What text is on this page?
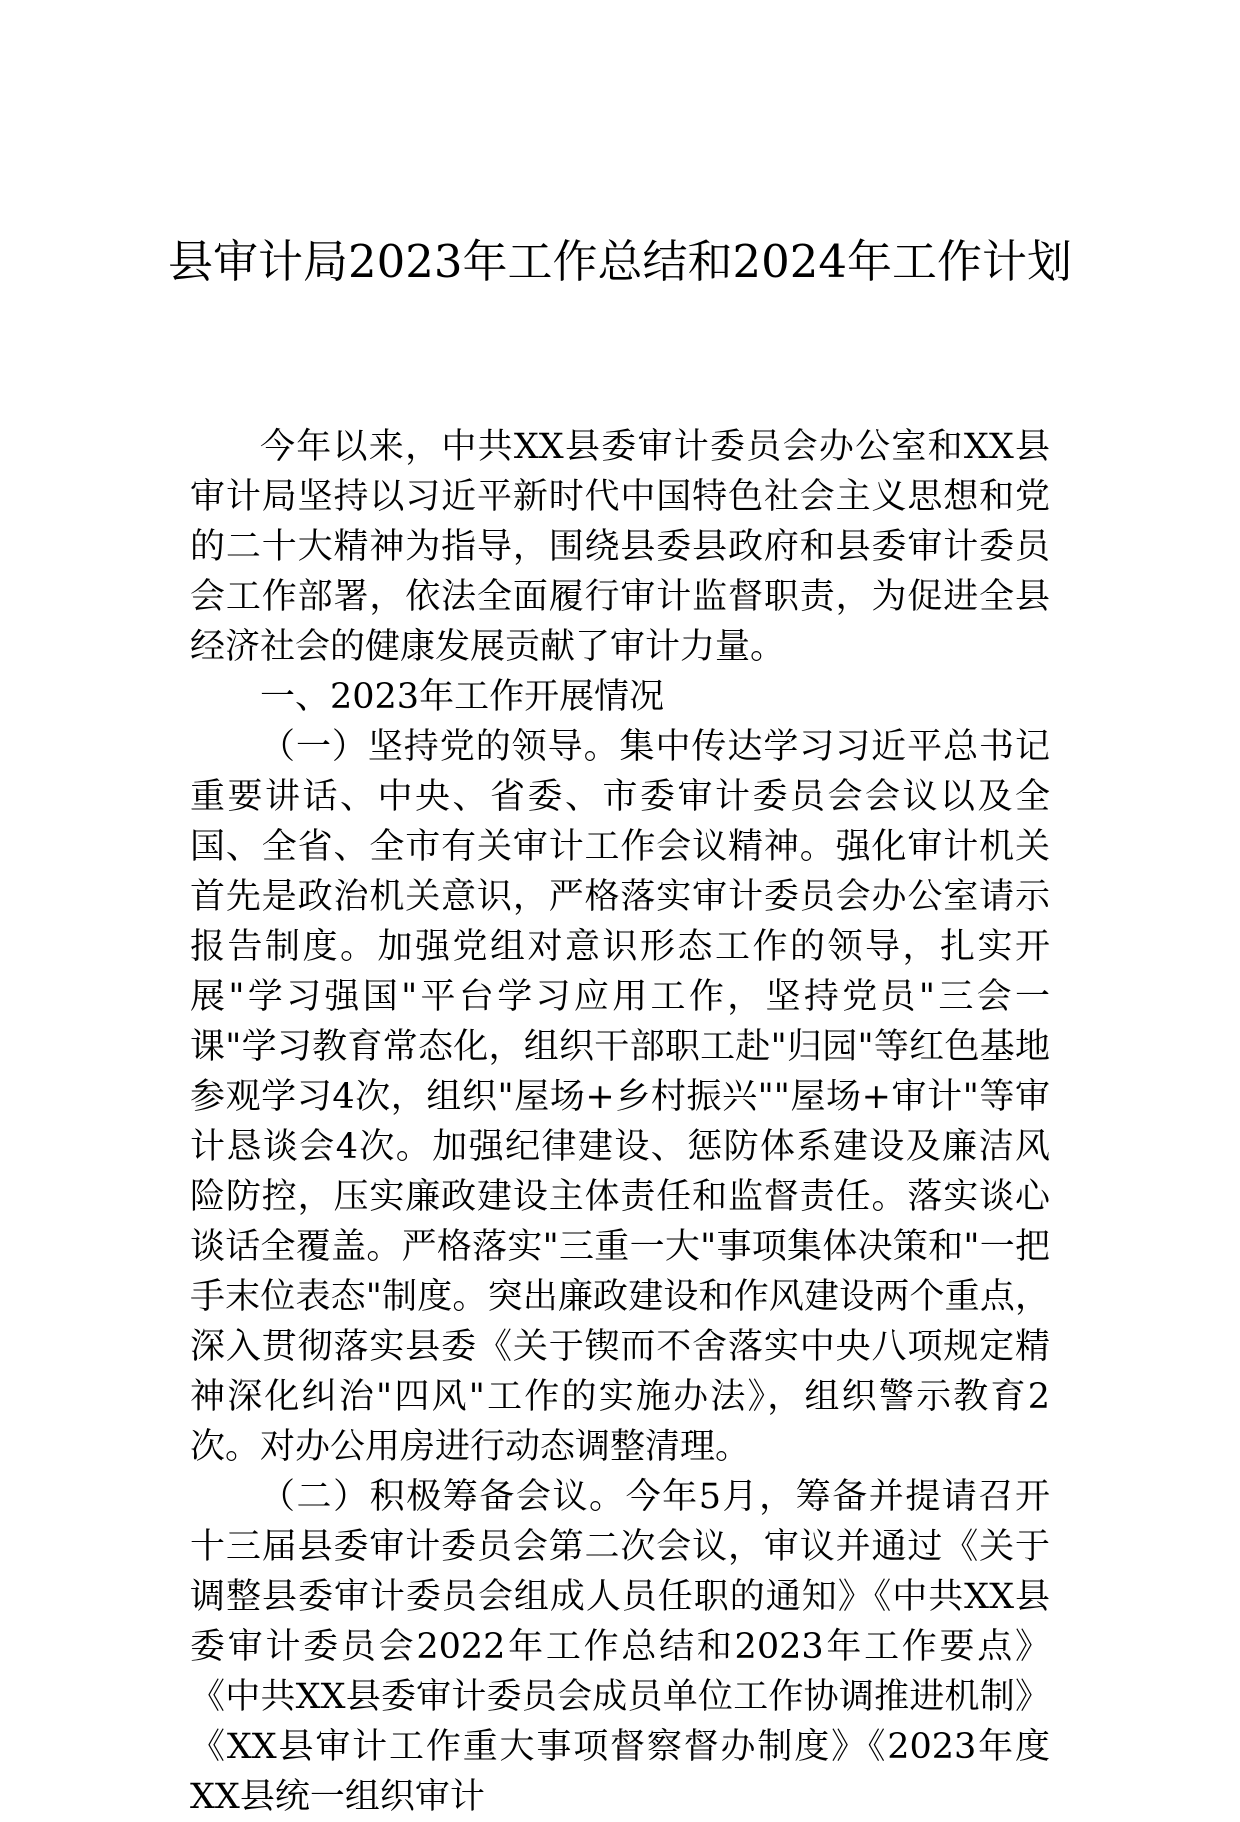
县审计局2023年工作总结和2024年工作计划

今年以来，中共XX县委审计委员会办公室和XX县审计局坚持以习近平新时代中国特色社会主义思想和党的二十大精神为指导，围绕县委县政府和县委审计委员会工作部署，依法全面履行审计监督职责，为促进全县经济社会的健康发展贡献了审计力量。

一、2023年工作开展情况

（一）坚持党的领导。集中传达学习习近平总书记重要讲话、中央、省委、市委审计委员会会议以及全国、全省、全市有关审计工作会议精神。强化审计机关首先是政治机关意识，严格落实审计委员会办公室请示报告制度。加强党组对意识形态工作的领导，扎实开展"学习强国"平台学习应用工作，坚持党员"三会一课"学习教育常态化，组织干部职工赴"归园"等红色基地参观学习4次，组织"屋场+乡村振兴""屋场+审计"等审计恳谈会4次。加强纪律建设、惩防体系建设及廉洁风险防控，压实廉政建设主体责任和监督责任。落实谈心谈话全覆盖。严格落实"三重一大"事项集体决策和"一把手末位表态"制度。突出廉政建设和作风建设两个重点，深入贯彻落实县委《关于锲而不舍落实中央八项规定精神深化纠治"四风"工作的实施办法》，组织警示教育2次。对办公用房进行动态调整清理。

（二）积极筹备会议。今年5月，筹备并提请召开十三届县委审计委员会第二次会议，审议并通过《关于调整县委审计委员会组成人员任职的通知》《中共XX县委审计委员会2022年工作总结和2023年工作要点》《中共XX县委审计委员会成员单位工作协调推进机制》《XX县审计工作重大事项督察督办制度》《2023年度XX县统一组织审计
